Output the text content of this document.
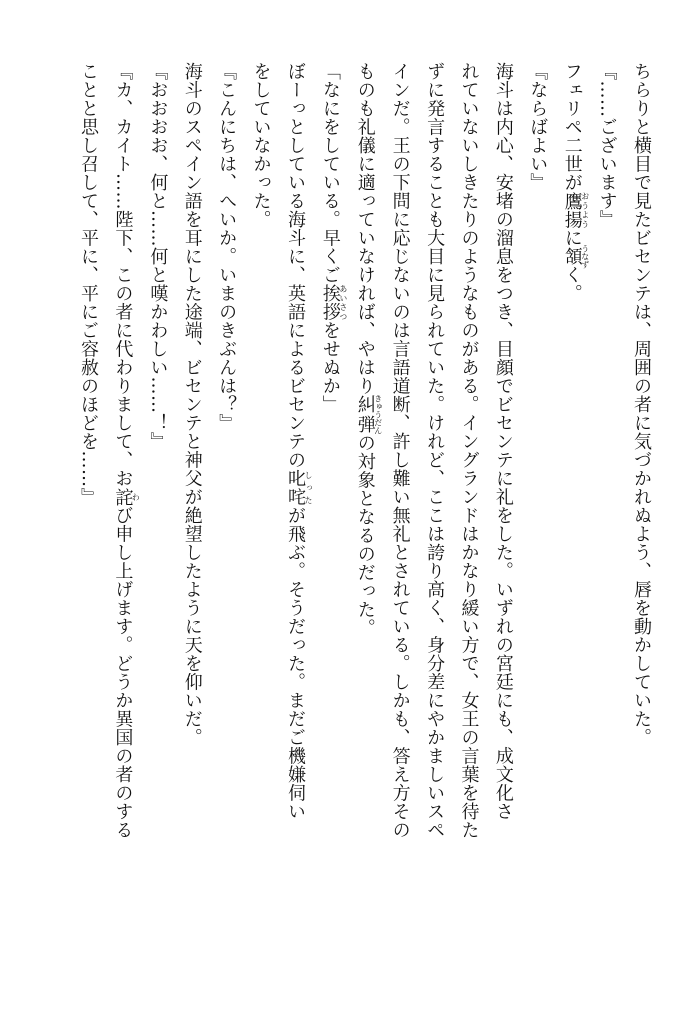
ちらりと横目で見たビセンテは、周囲の者に気づかれぬよう、唇を動かしていた。
『……ございます』
フェリペ二世が鷹揚おうように頷うなずく。
『ならばよい』
海斗は内心、安堵の溜息をつき、目顔でビセンテに礼をした。いずれの宮廷にも、成文化さ
れていないしきたりのようなものがある。イングランドはかなり緩い方で、女王の言葉を待た
ずに発言することも大目に見られていた。けれど、ここは誇り高く、身分差にやかましいスペ
インだ。王の下問に応じないのは言語道断、許し難い無礼とされている。しかも、答え方その
ものも礼儀に適っていなければ、やはり糾弾きゅうだんの対象となるのだった。
「なにをしている。早くご挨拶あいさつをせぬか」
ぼーっとしている海斗に、英語によるビセンテの叱咤しったが飛ぶ。そうだった。まだご機嫌伺い
をしていなかった。
『こんにちは、へいか。いまのきぶんは？』
海斗のスペイン語を耳にした途端、ビセンテと神父が絶望したように天を仰いだ。
『おおおお、何と……何と嘆かわしい……！』
『カ、カイト……陛下、この者に代わりまして、お詫わび申し上げます。どうか異国の者のする
ことと思し召して、平に、平にご容赦のほどを……』
